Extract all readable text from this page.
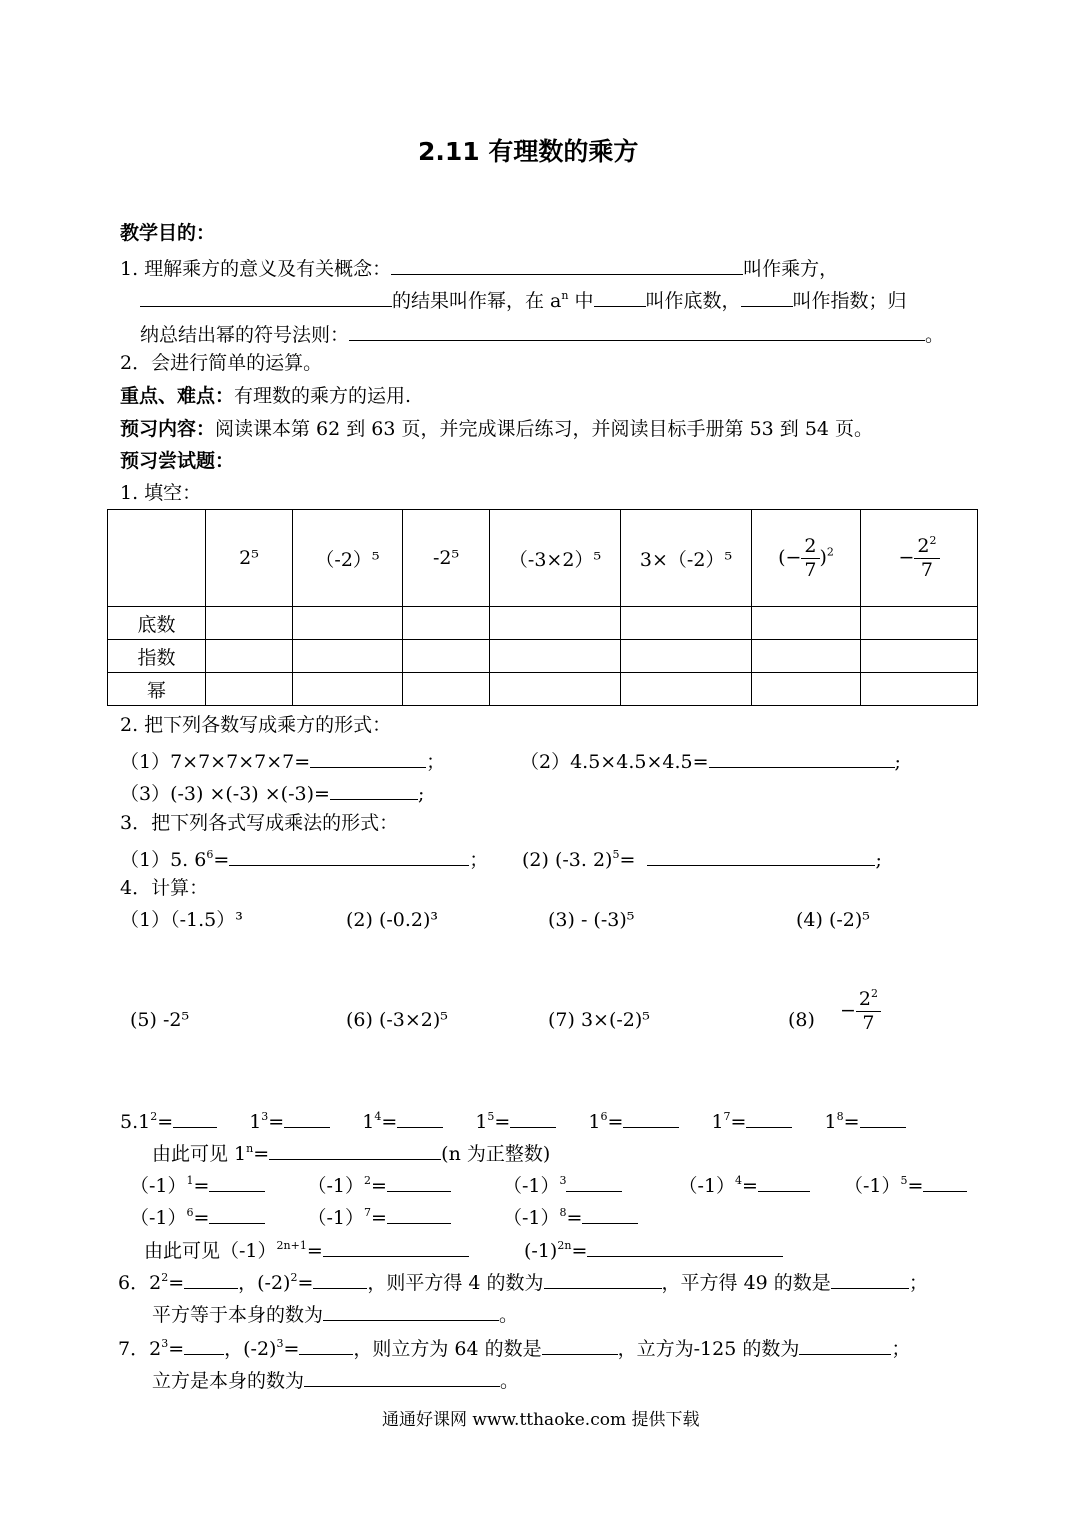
2.11 有理数的乘方
教学目的：
1. 理解乘方的意义及有关概念：	叫作乘方，
的结果叫作幂，在 $a^n$ 中	叫作底数，	叫作指数；归
纳总结出幂的符号法则：	。
2．会进行简单的运算。
重点、难点：有理数的乘方的运用.
预习内容：阅读课本第 62 到 63 页，并完成课后练习，并阅读目标手册第 53 到 54 页。
预习尝试题：
1. 填空：
	2⁵	（-2）⁵	-2⁵	（-3×2）⁵	3×（-2）⁵	(− $\frac{2}{7} )^2$	− $\frac{2^2}{7}$

底数							
指数							
幂							
2. 把下列各数写成乘方的形式：
（1）7×7×7×7×7=	；	（2）4.5×4.5×4.5=	;
（3）(-3) ×(-3) ×(-3)=	;
3．把下列各式写成乘法的形式：
（1）5. $6^6=$	； (2) (-3. 2)$^5$=	;
4．计算：
（1）（-1.5）³	(2) (-0.2)³	(3) - (-3)⁵	(4) (-2)⁵
(5) -2⁵	(6) (-3×2)⁵	(7) 3×(-2)⁵	$(8) - \frac{2^2}{7}$
$5.1^2=$	$1^3=$	$1^4=$	$1^5=$	$1^6=$	$1^7=$	$1^8=$
由此可见 $1^n=$	(n 为正整数)
$(-1)^1=$	$(-1)^2=$	$(-1)^3$	$(-1)^4=$	$(-1)^5=$
$(-1)^6=$	$(-1)^7=$	$(-1)^8=$
由此可见$(-1)^{2n+1}=$	$(-1)^{2n}=$
6．$2^2=$	，$(-2)^2=$	，则平方得 4 的数为	，平方得 49 的数是	；
平方等于本身的数为	。
7．$2^3=$ ，$(-2)^3=$	，则立方为 64 的数是	，立方为-125 的数为	；
立方是本身的数为	。
通通好课网 www.tthaoke.com 提供下载
